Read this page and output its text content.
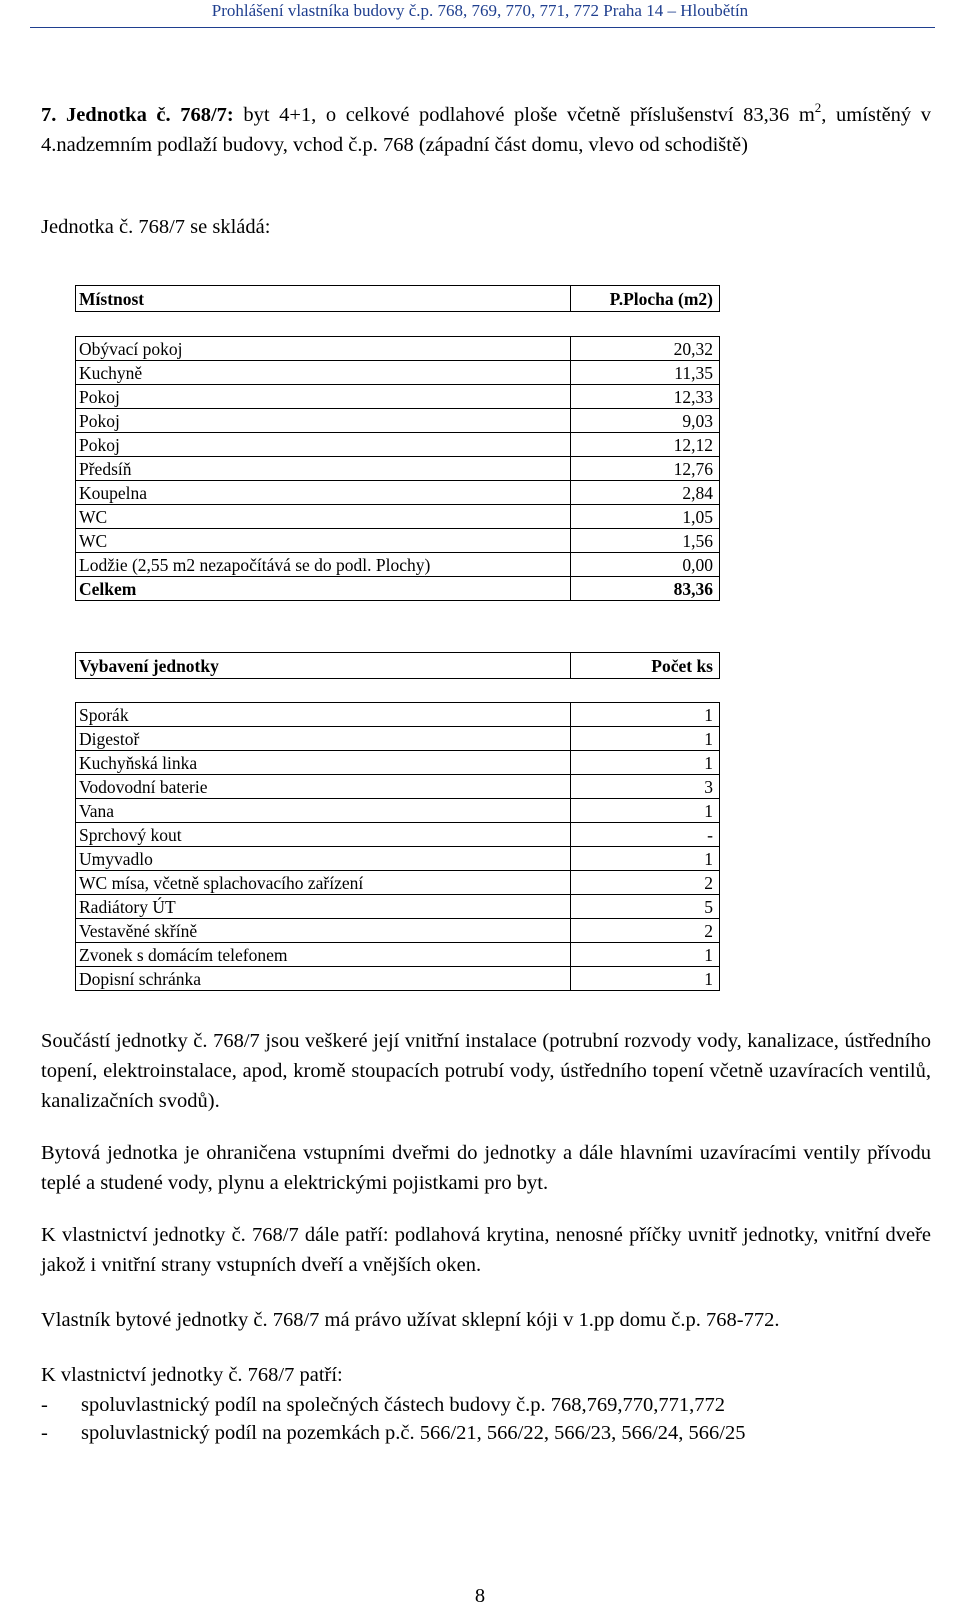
Prohlášení vlastníka budovy č.p. 768, 769, 770, 771, 772 Praha 14 – Hloubětín
7. Jednotka č. 768/7: byt 4+1, o celkové podlahové ploše včetně příslušenství 83,36 $m^2$, umístěný v 4.nadzemním podlaží budovy, vchod č.p. 768 (západní část domu, vlevo od schodiště)
Jednotka č. 768/7 se skládá:
Místnost	P.Plocha (m2)
Obývací pokoj	20,32
Kuchyně	11,35
Pokoj	12,33
Pokoj	9,03
Pokoj	12,12
Předsíň	12,76
Koupelna	2,84
WC	1,05
WC	1,56
Lodžie (2,55 m2 nezapočítává se do podl. Plochy)	0,00
Celkem	83,36
Vybavení jednotky	Počet ks
Sporák	1
Digestoř	1
Kuchyňská linka	1
Vodovodní baterie	3
Vana	1
Sprchový kout	-
Umyvadlo	1
WC mísa, včetně splachovacího zařízení	2
Radiátory ÚT	5
Vestavěné skříně	2
Zvonek s domácím telefonem	1
Dopisní schránka	1
Součástí jednotky č. 768/7 jsou veškeré její vnitřní instalace (potrubní rozvody vody, kanalizace, ústředního topení, elektroinstalace, apod, kromě stoupacích potrubí vody, ústředního topení včetně uzavíracích ventilů, kanalizačních svodů).
Bytová jednotka je ohraničena vstupními dveřmi do jednotky a dále hlavními uzavíracími ventily přívodu teplé a studené vody, plynu a elektrickými pojistkami pro byt.
K vlastnictví jednotky č. 768/7 dále patří: podlahová krytina, nenosné příčky uvnitř jednotky, vnitřní dveře jakož i vnitřní strany vstupních dveří a vnějších oken.
Vlastník bytové jednotky č. 768/7 má právo užívat sklepní kóji v 1.pp domu č.p. 768-772.
K vlastnictví jednotky č. 768/7 patří:
- spoluvlastnický podíl na společných částech budovy č.p. 768,769,770,771,772
- spoluvlastnický podíl na pozemkách p.č. 566/21, 566/22, 566/23, 566/24, 566/25
8
